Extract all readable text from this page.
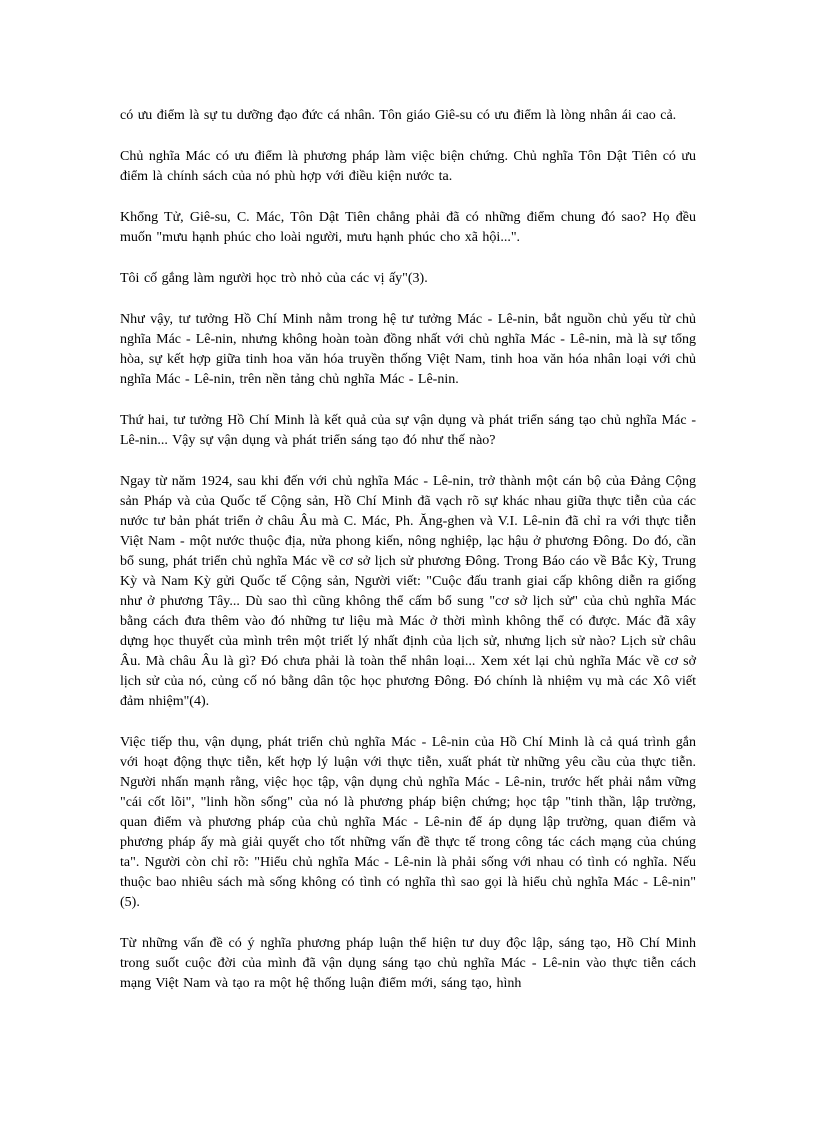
có ưu điểm là sự tu dưỡng đạo đức cá nhân. Tôn giáo Giê-su có ưu điểm là lòng nhân ái cao cả.

Chủ nghĩa Mác có ưu điểm là phương pháp làm việc biện chứng. Chủ nghĩa Tôn Dật Tiên có ưu điểm là chính sách của nó phù hợp với điều kiện nước ta.

Khổng Tử, Giê-su, C. Mác, Tôn Dật Tiên chẳng phải đã có những điểm chung đó sao? Họ đều muốn "mưu hạnh phúc cho loài người, mưu hạnh phúc cho xã hội...".

Tôi cố gắng làm người học trò nhỏ của các vị ấy"(3).

Như vậy, tư tưởng Hồ Chí Minh nằm trong hệ tư tưởng Mác - Lê-nin, bắt nguồn chủ yếu từ chủ nghĩa Mác - Lê-nin, nhưng không hoàn toàn đồng nhất với chủ nghĩa Mác - Lê-nin, mà là sự tổng hòa, sự kết hợp giữa tinh hoa văn hóa truyền thống Việt Nam, tinh hoa văn hóa nhân loại với chủ nghĩa Mác - Lê-nin, trên nền tảng chủ nghĩa Mác - Lê-nin.

Thứ hai, tư tưởng Hồ Chí Minh là kết quả của sự vận dụng và phát triển sáng tạo chủ nghĩa Mác - Lê-nin... Vậy sự vận dụng và phát triển sáng tạo đó như thế nào?

Ngay từ năm 1924, sau khi đến với chủ nghĩa Mác - Lê-nin, trở thành một cán bộ của Đảng Cộng sản Pháp và của Quốc tế Cộng sản, Hồ Chí Minh đã vạch rõ sự khác nhau giữa thực tiễn của các nước tư bản phát triển ở châu Âu mà C. Mác, Ph. Ăng-ghen và V.I. Lê-nin đã chỉ ra với thực tiễn Việt Nam - một nước thuộc địa, nửa phong kiến, nông nghiệp, lạc hậu ở phương Đông. Do đó, cần bổ sung, phát triển chủ nghĩa Mác về cơ sở lịch sử phương Đông. Trong Báo cáo về Bắc Kỳ, Trung Kỳ và Nam Kỳ gửi Quốc tế Cộng sản, Người viết: "Cuộc đấu tranh giai cấp không diễn ra giống như ở phương Tây... Dù sao thì cũng không thể cấm bổ sung "cơ sở lịch sử" của chủ nghĩa Mác bằng cách đưa thêm vào đó những tư liệu mà Mác ở thời mình không thể có được. Mác đã xây dựng học thuyết của mình trên một triết lý nhất định của lịch sử, nhưng lịch sử nào? Lịch sử châu Âu. Mà châu Âu là gì? Đó chưa phải là toàn thể nhân loại... Xem xét lại chủ nghĩa Mác về cơ sở lịch sử của nó, củng cố nó bằng dân tộc học phương Đông. Đó chính là nhiệm vụ mà các Xô viết đảm nhiệm"(4).

Việc tiếp thu, vận dụng, phát triển chủ nghĩa Mác - Lê-nin của Hồ Chí Minh là cả quá trình gắn với hoạt động thực tiễn, kết hợp lý luận với thực tiễn, xuất phát từ những yêu cầu của thực tiễn. Người nhấn mạnh rằng, việc học tập, vận dụng chủ nghĩa Mác - Lê-nin, trước hết phải nắm vững "cái cốt lõi", "linh hồn sống" của nó là phương pháp biện chứng; học tập "tinh thần, lập trường, quan điểm và phương pháp của chủ nghĩa Mác - Lê-nin để áp dụng lập trường, quan điểm và phương pháp ấy mà giải quyết cho tốt những vấn đề thực tế trong công tác cách mạng của chúng ta". Người còn chỉ rõ: "Hiểu chủ nghĩa Mác - Lê-nin là phải sống với nhau có tình có nghĩa. Nếu thuộc bao nhiêu sách mà sống không có tình có nghĩa thì sao gọi là hiểu chủ nghĩa Mác - Lê-nin"(5).

Từ những vấn đề có ý nghĩa phương pháp luận thể hiện tư duy độc lập, sáng tạo, Hồ Chí Minh trong suốt cuộc đời của mình đã vận dụng sáng tạo chủ nghĩa Mác - Lê-nin vào thực tiễn cách mạng Việt Nam và tạo ra một hệ thống luận điểm mới, sáng tạo, hình
